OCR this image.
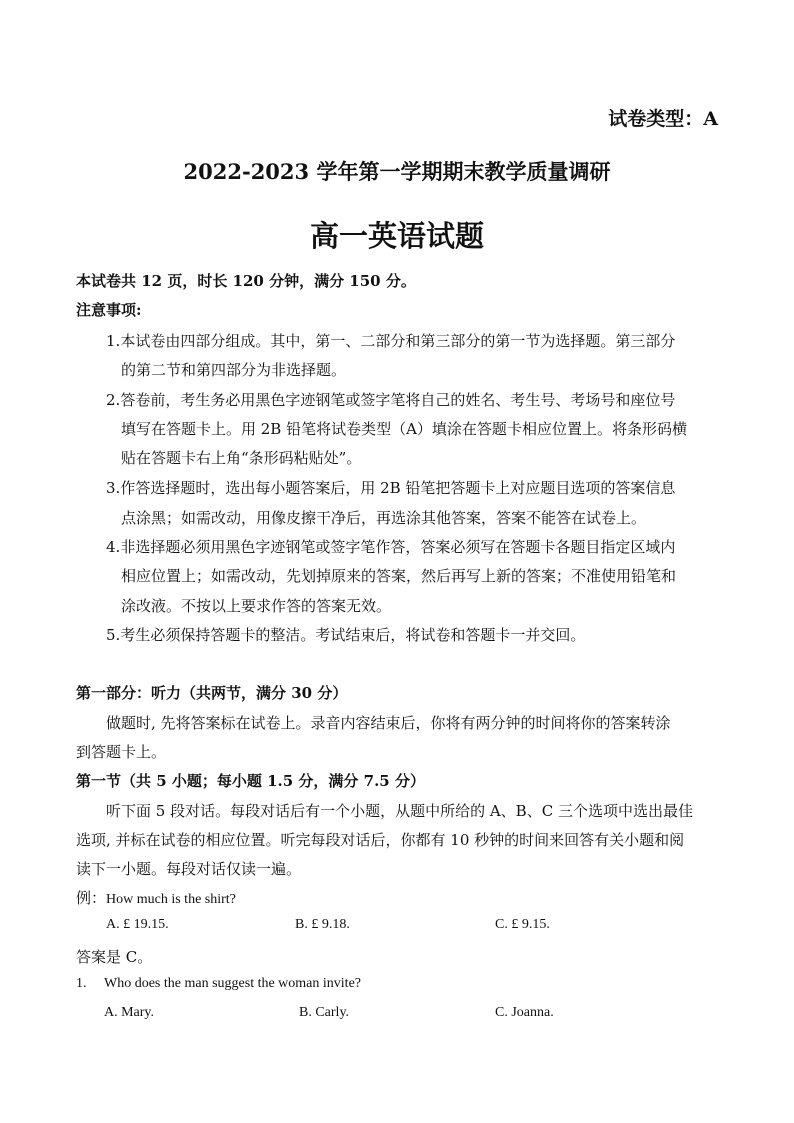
试卷类型：A
2022-2023 学年第一学期期末教学质量调研
高一英语试题
本试卷共 12 页，时长 120 分钟，满分 150 分。
注意事项:
1.本试卷由四部分组成。其中，第一、二部分和第三部分的第一节为选择题。第三部分
的第二节和第四部分为非选择题。
2.答卷前，考生务必用黑色字迹钢笔或签字笔将自己的姓名、考生号、考场号和座位号
填写在答题卡上。用 2B 铅笔将试卷类型（A）填涂在答题卡相应位置上。将条形码横
贴在答题卡右上角“条形码粘贴处”。
3.作答选择题时，选出每小题答案后，用 2B 铅笔把答题卡上对应题目选项的答案信息
点涂黑；如需改动，用像皮擦干净后，再选涂其他答案，答案不能答在试卷上。
4.非选择题必须用黑色字迹钢笔或签字笔作答，答案必须写在答题卡各题目指定区域内
相应位置上；如需改动，先划掉原来的答案，然后再写上新的答案；不准使用铅笔和
涂改液。不按以上要求作答的答案无效。
5.考生必须保持答题卡的整洁。考试结束后，将试卷和答题卡一并交回。
第一部分：听力（共两节，满分 30 分）
做题时, 先将答案标在试卷上。录音内容结束后，你将有两分钟的时间将你的答案转涂
到答题卡上。
第一节（共 5 小题；每小题 1.5 分，满分 7.5 分）
听下面 5 段对话。每段对话后有一个小题，从题中所给的 A、B、C 三个选项中选出最佳
选项, 并标在试卷的相应位置。听完每段对话后，你都有 10 秒钟的时间来回答有关小题和阅
读下一小题。每段对话仅读一遍。
例：How much is the shirt?
A. £ 19.15.	B. £ 9.18.	C. £ 9.15.
答案是 C。
1. Who does the man suggest the woman invite?
A. Mary.	B. Carly.	C. Joanna.
